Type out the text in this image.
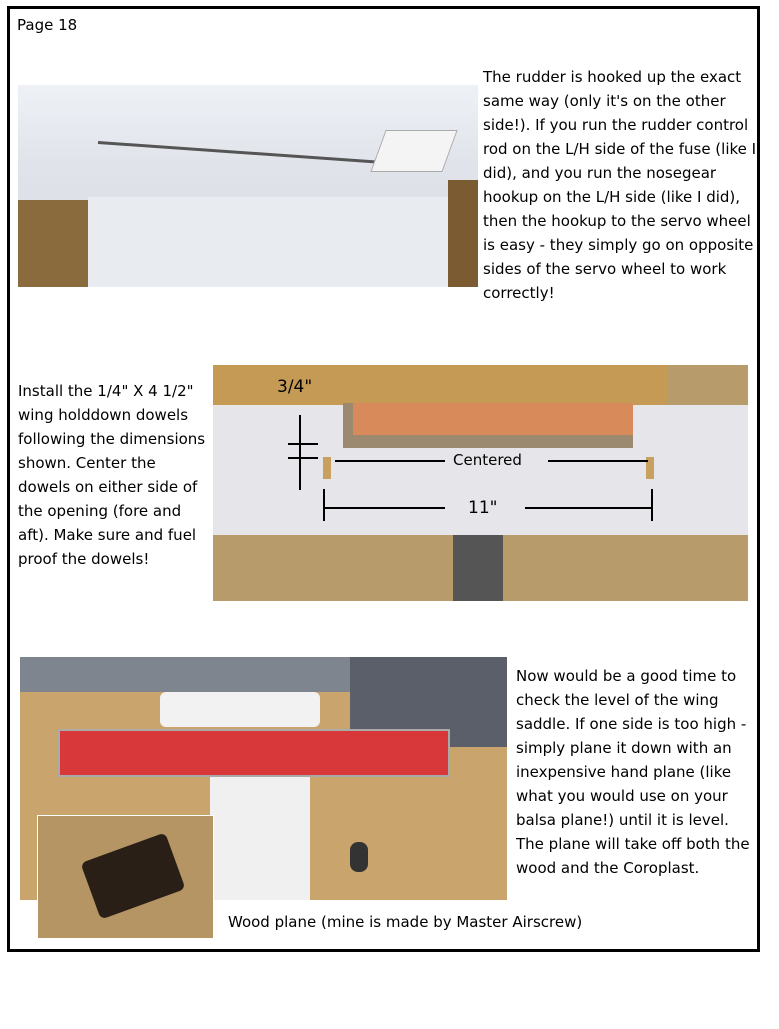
Page 18
The rudder is hooked up the exact same way (only it's on the other side!). If you run the rudder control rod on the L/H side of the fuse (like I did), and you run the nosegear hookup on the L/H side (like I did), then the hookup to the servo wheel is easy - they simply go on opposite sides of the servo wheel to work correctly!
Install the 1/4" X 4 1/2" wing holddown dowels following the dimensions shown. Center the dowels on either side of the opening (fore and aft). Make sure and fuel proof the dowels!
3/4"
Centered
11"
Now would be a good time to check the level of the wing saddle. If one side is too high - simply plane it down with an inexpensive hand plane (like what you would use on your balsa plane!) until it is level. The plane will take off both the wood and the Coroplast.
Wood plane (mine is made by Master Airscrew)
